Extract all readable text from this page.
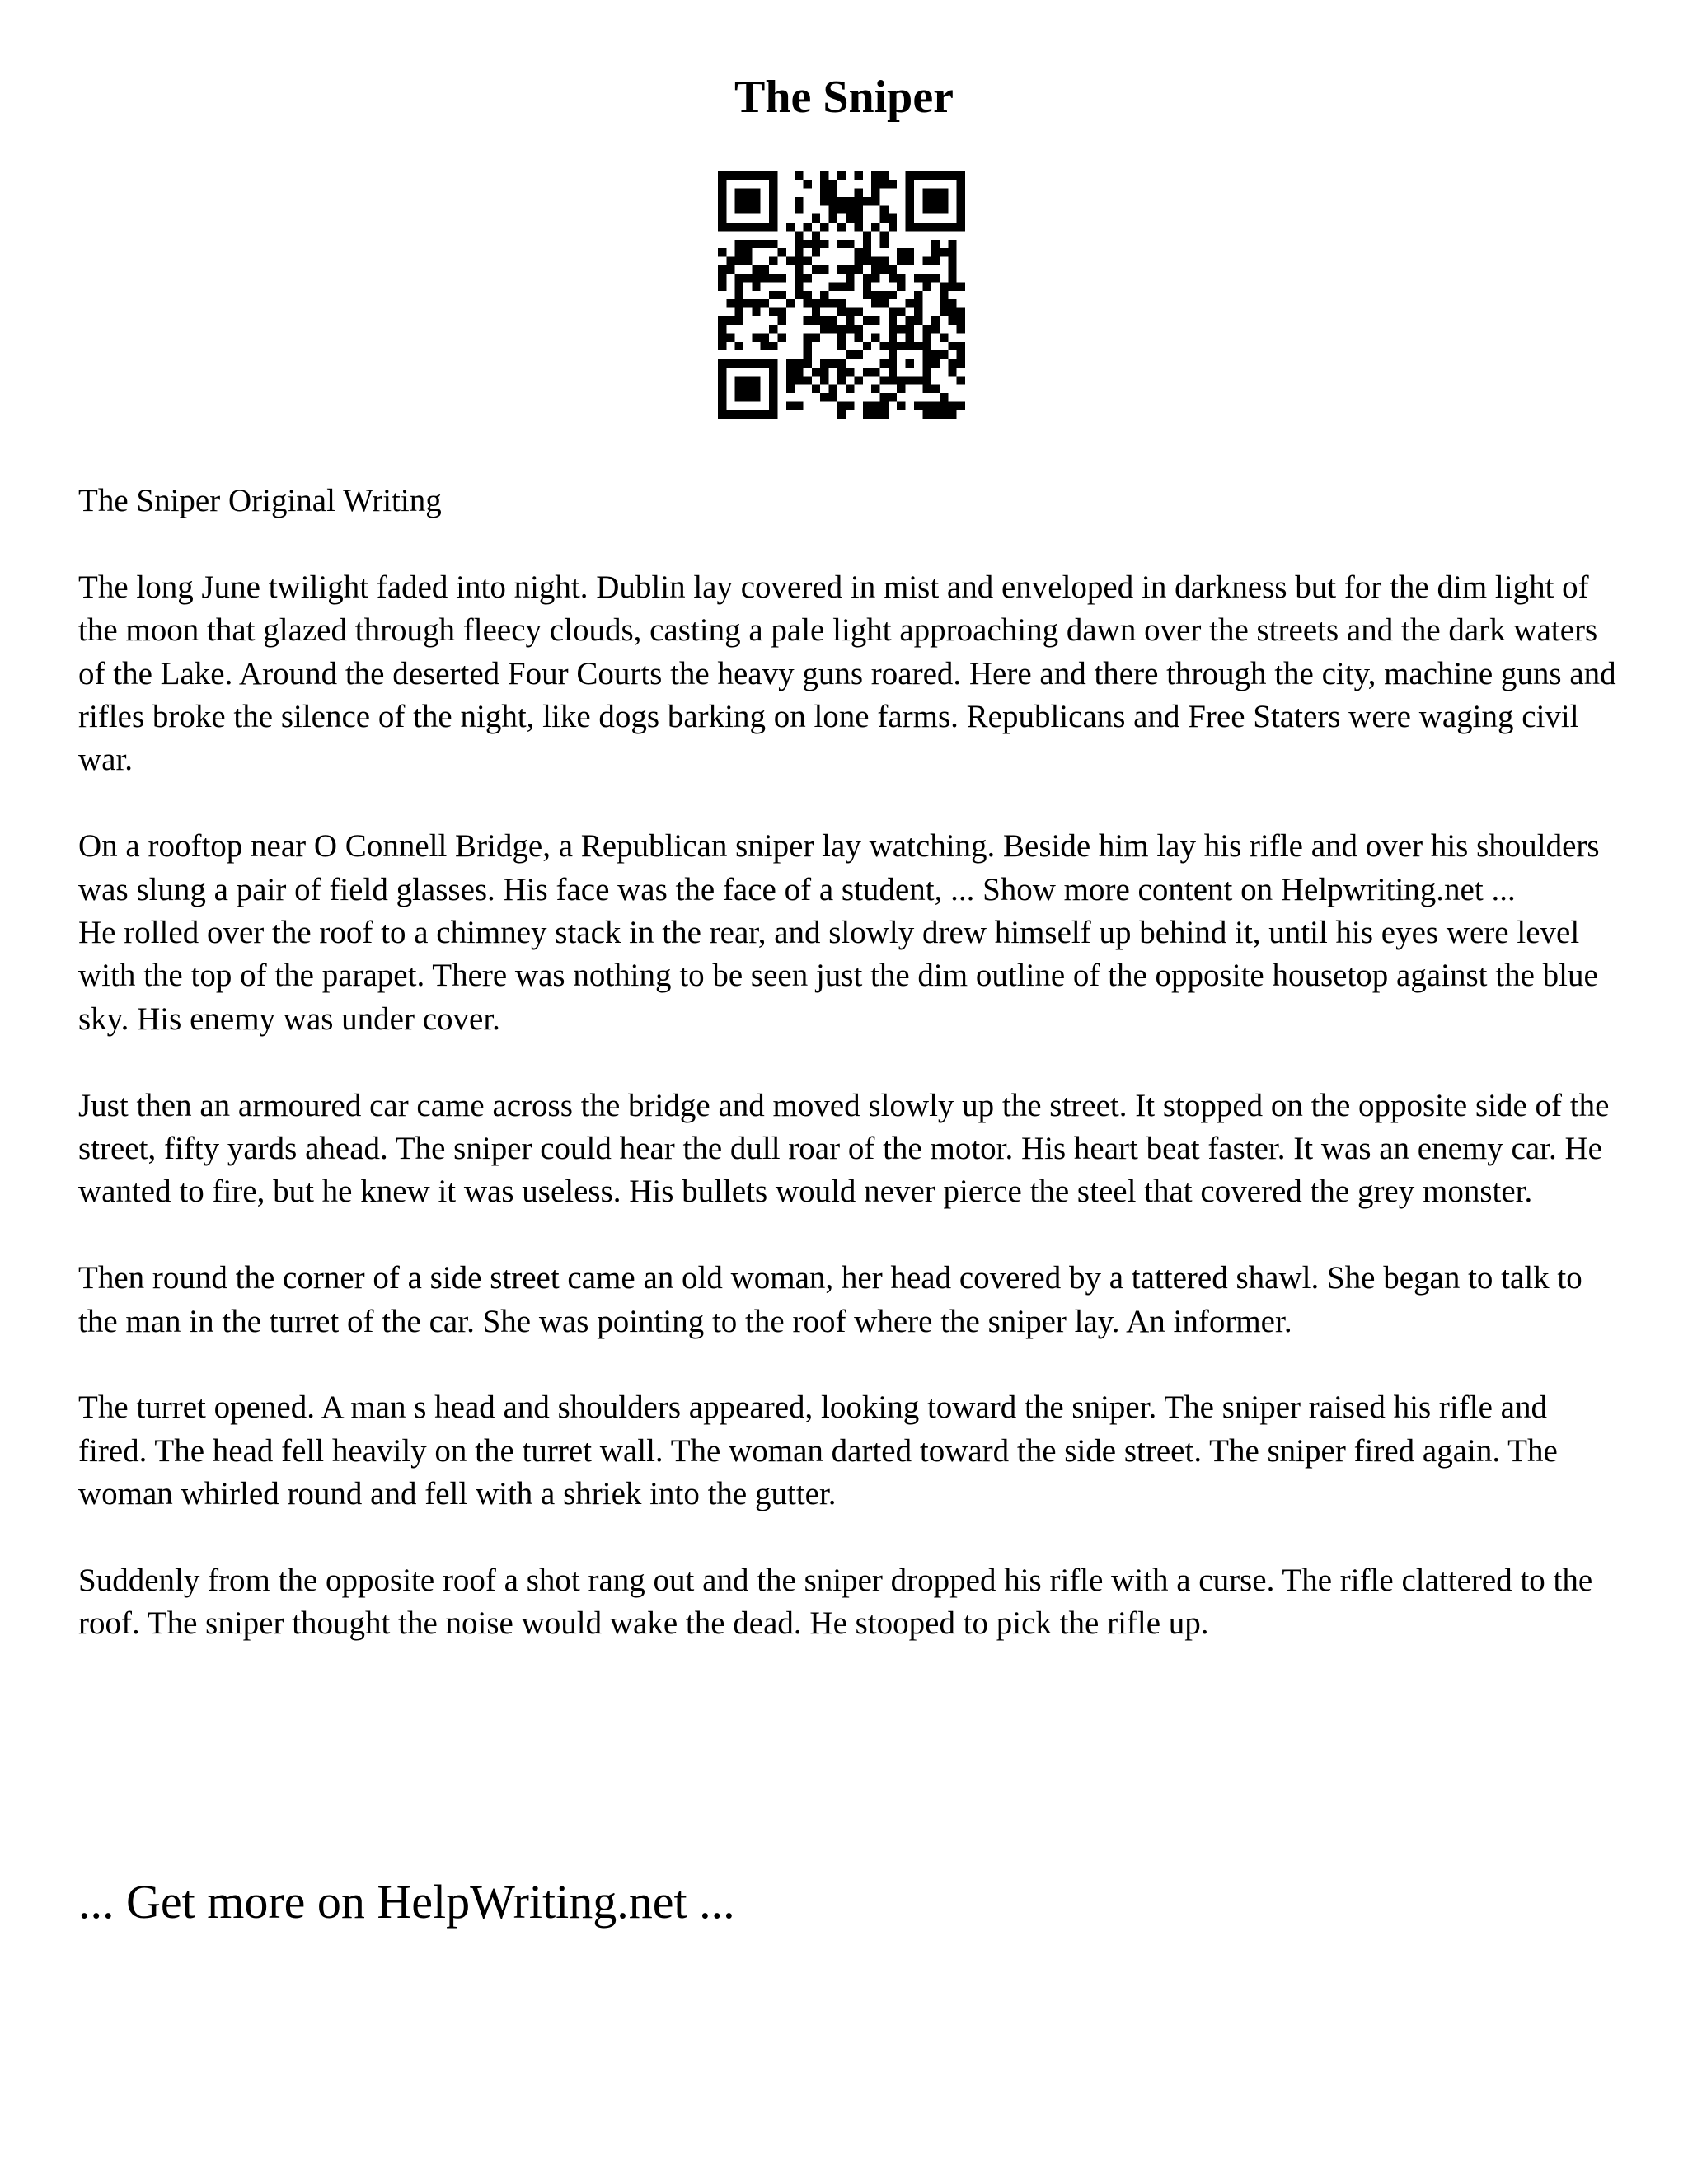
The Sniper

The Sniper Original Writing

The long June twilight faded into night. Dublin lay covered in mist and enveloped in darkness but for the dim light of the moon that glazed through fleecy clouds, casting a pale light approaching dawn over the streets and the dark waters of the Lake. Around the deserted Four Courts the heavy guns roared. Here and there through the city, machine guns and rifles broke the silence of the night, like dogs barking on lone farms. Republicans and Free Staters were waging civil war.

On a rooftop near O Connell Bridge, a Republican sniper lay watching. Beside him lay his rifle and over his shoulders was slung a pair of field glasses. His face was the face of a student, ... Show more content on Helpwriting.net ...

He rolled over the roof to a chimney stack in the rear, and slowly drew himself up behind it, until his eyes were level with the top of the parapet. There was nothing to be seen just the dim outline of the opposite housetop against the blue sky. His enemy was under cover.

Just then an armoured car came across the bridge and moved slowly up the street. It stopped on the opposite side of the street, fifty yards ahead. The sniper could hear the dull roar of the motor. His heart beat faster. It was an enemy car. He wanted to fire, but he knew it was useless. His bullets would never pierce the steel that covered the grey monster.

Then round the corner of a side street came an old woman, her head covered by a tattered shawl. She began to talk to the man in the turret of the car. She was pointing to the roof where the sniper lay. An informer.

The turret opened. A man s head and shoulders appeared, looking toward the sniper. The sniper raised his rifle and fired. The head fell heavily on the turret wall. The woman darted toward the side street. The sniper fired again. The woman whirled round and fell with a shriek into the gutter.

Suddenly from the opposite roof a shot rang out and the sniper dropped his rifle with a curse. The rifle clattered to the roof. The sniper thought the noise would wake the dead. He stooped to pick the rifle up.

... Get more on HelpWriting.net ...
